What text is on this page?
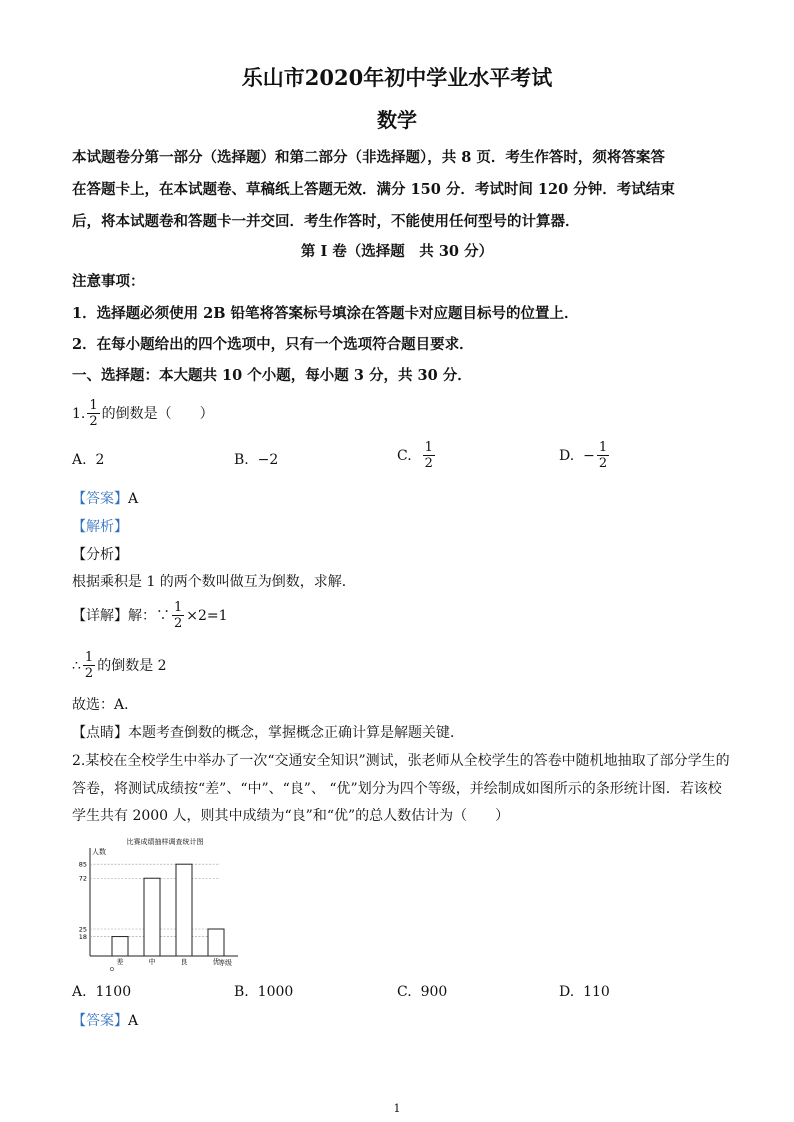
乐山市2020年初中学业水平考试
数学
本试题卷分第一部分（选择题）和第二部分（非选择题），共 8 页．考生作答时，须将答案答
在答题卡上，在本试题卷、草稿纸上答题无效．满分 150 分．考试时间 120 分钟．考试结束
后，将本试题卷和答题卡一并交回．考生作答时，不能使用任何型号的计算器．
第 I 卷（选择题　共 30 分）
注意事项：
1．选择题必须使用 2B 铅笔将答案标号填涂在答题卡对应题目标号的位置上．
2．在每小题给出的四个选项中，只有一个选项符合题目要求．
一、选择题：本大题共 10 个小题，每小题 3 分，共 30 分．
1. $\frac{1}{2}$ 的倒数是（　　）
A. 2	B. −2	C.
$\frac{1}{2}$	D.
− $\frac{1}{2}$
【答案】A
【解析】
【分析】
根据乘积是 1 的两个数叫做互为倒数，求解．
【详解】 解：∵ $\frac{1}{2} \times 2=1$
∴ $\frac{1}{2}$ 的倒数是 2
故选：A．
【点睛】本题考查倒数的概念，掌握概念正确计算是解题关键．
2.某校在全校学生中举办了一次“交通安全知识”测试，张老师从全校学生的答卷中随机地抽取了部分学生的
答卷，将测试成绩按“差”、“中”、“良”、 “优”划分为四个等级，并绘制成如图所示的条形统计图．若该校
学生共有 2000 人，则其中成绩为“良”和“优”的总人数估计为（　　）
比赛成绩抽样调查统计图
人数
18
25
72
85
差	中	良	优
等级
O
A. 1100	B. 1000	C. 900	D. 110
【答案】A
1
